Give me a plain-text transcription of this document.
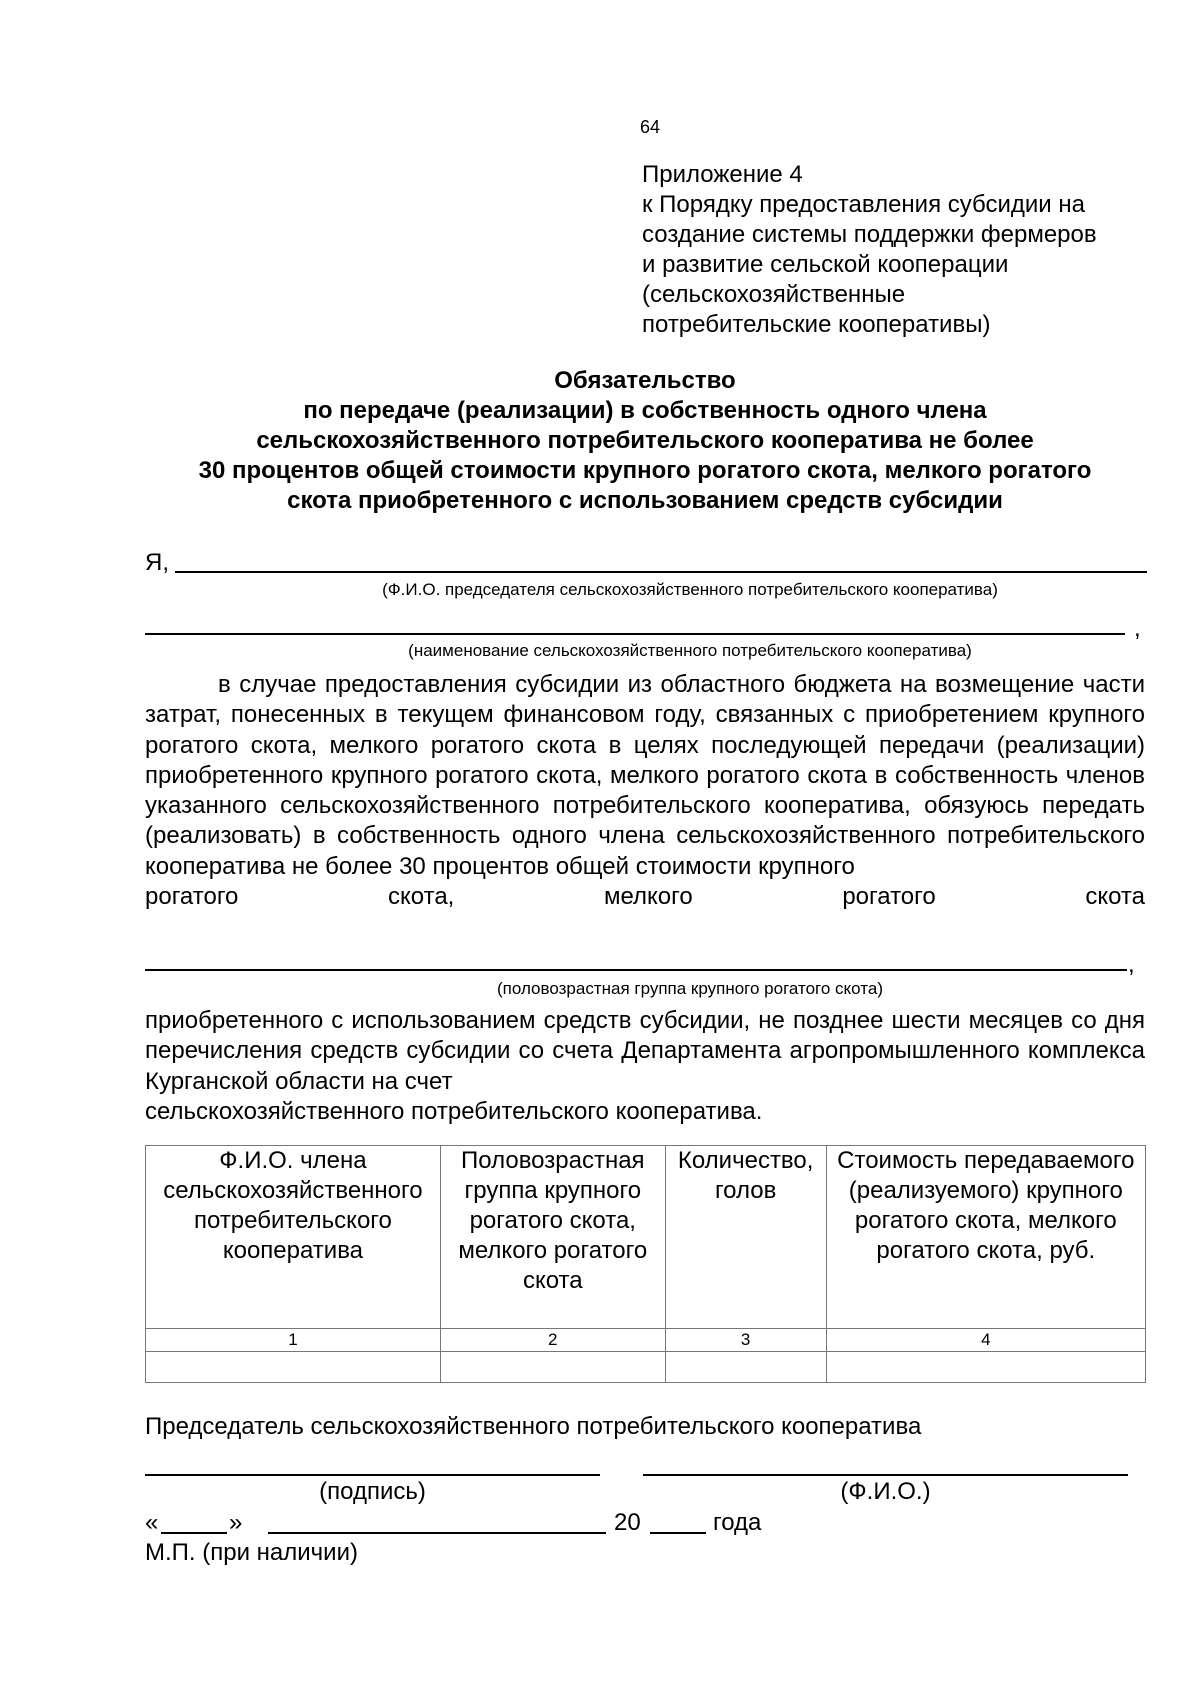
64
Приложение 4
к Порядку предоставления субсидии на
создание системы поддержки фермеров
и развитие сельской кооперации
(сельскохозяйственные
потребительские кооперативы)
Обязательство
по передаче (реализации) в собственность одного члена
сельскохозяйственного потребительского кооператива не более
30 процентов общей стоимости крупного рогатого скота, мелкого рогатого
скота приобретенного с использованием средств субсидии
Я,
(Ф.И.О. председателя сельскохозяйственного потребительского кооператива)
,
(наименование сельскохозяйственного потребительского кооператива)

в случае предоставления субсидии из областного бюджета на возмещение части затрат, понесенных в текущем финансовом году, связанных с приобретением крупного рогатого скота, мелкого рогатого скота в целях последующей передачи (реализации) приобретенного крупного рогатого скота, мелкого рогатого скота в собственность членов указанного сельскохозяйственного потребительского кооператива, обязуюсь передать (реализовать) в собственность одного члена сельскохозяйственного потребительского кооператива не более 30 процентов общей стоимости крупного

рогатого скота, мелкого рогатого скота

,
(половозрастная группа крупного рогатого скота)

приобретенного с использованием средств субсидии, не позднее шести месяцев со дня перечисления средств субсидии со счета Департамента агропромышленного комплекса Курганской области на счет

сельскохозяйственного потребительского кооператива.

Ф.И.О. члена сельскохозяйственного потребительского кооператива	Половозрастная группа крупного рогатого скота, мелкого рогатого скота	Количество, голов	Стоимость передаваемого (реализуемого) крупного рогатого скота, мелкого рогатого скота, руб.
1	2	3	4

Председатель сельскохозяйственного потребительского кооператива
(подпись)	(Ф.И.О.)
«	»	20	года
М.П. (при наличии)
